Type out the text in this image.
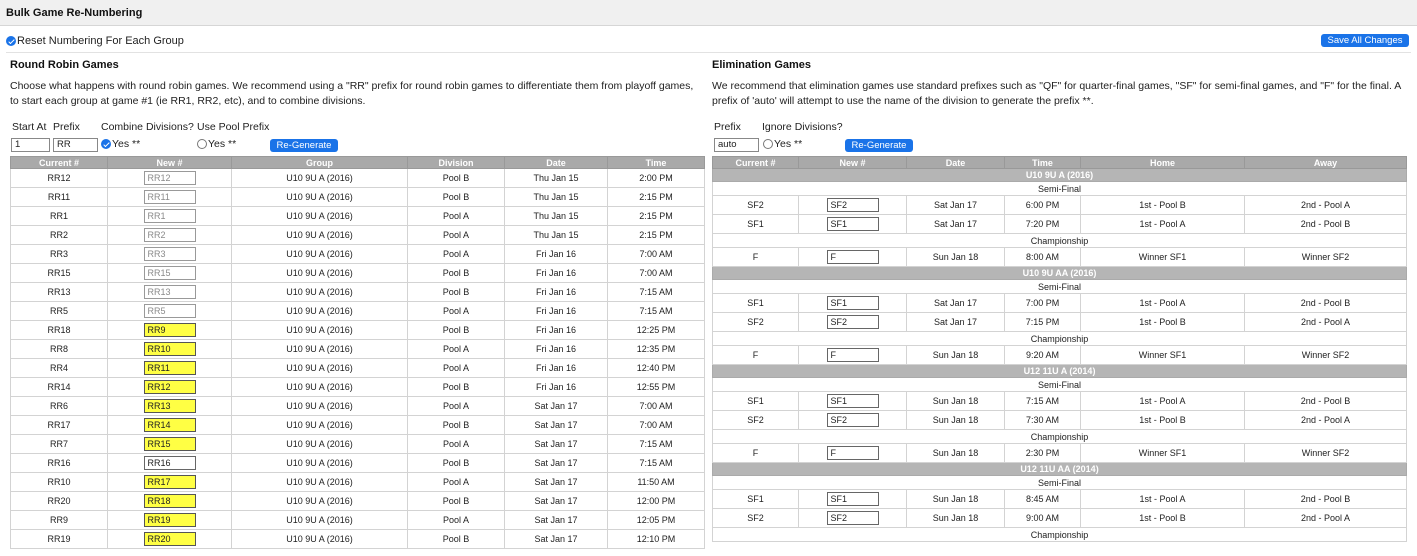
Bulk Game Re-Numbering
Reset Numbering For Each Group	Save All Changes
Round Robin Games
Choose what happens with round robin games. We recommend using a "RR" prefix for round robin games to differentiate them from playoff games,
to start each group at game #1 (ie RR1, RR2, etc), and to combine divisions.
Start At Prefix Combine Divisions? Use Pool Prefix
1	RR	Yes **	Yes **	Re-Generate
Current #	New #	Group	Division	Date	Time
RR12	RR12	U10 9U A (2016)	Pool B	Thu Jan 15	2:00 PM
RR11	RR11	U10 9U A (2016)	Pool B	Thu Jan 15	2:15 PM
RR1	RR1	U10 9U A (2016)	Pool A	Thu Jan 15	2:15 PM
RR2	RR2	U10 9U A (2016)	Pool A	Thu Jan 15	2:15 PM
RR3	RR3	U10 9U A (2016)	Pool A	Fri Jan 16	7:00 AM
RR15	RR15	U10 9U A (2016)	Pool B	Fri Jan 16	7:00 AM
RR13	RR13	U10 9U A (2016)	Pool B	Fri Jan 16	7:15 AM
RR5	RR5	U10 9U A (2016)	Pool A	Fri Jan 16	7:15 AM
RR18	RR9	U10 9U A (2016)	Pool B	Fri Jan 16	12:25 PM
RR8	RR10	U10 9U A (2016)	Pool A	Fri Jan 16	12:35 PM
RR4	RR11	U10 9U A (2016)	Pool A	Fri Jan 16	12:40 PM
RR14	RR12	U10 9U A (2016)	Pool B	Fri Jan 16	12:55 PM
RR6	RR13	U10 9U A (2016)	Pool A	Sat Jan 17	7:00 AM
RR17	RR14	U10 9U A (2016)	Pool B	Sat Jan 17	7:00 AM
RR7	RR15	U10 9U A (2016)	Pool A	Sat Jan 17	7:15 AM
RR16	RR16	U10 9U A (2016)	Pool B	Sat Jan 17	7:15 AM
RR10	RR17	U10 9U A (2016)	Pool A	Sat Jan 17	11:50 AM
RR20	RR18	U10 9U A (2016)	Pool B	Sat Jan 17	12:00 PM
RR9	RR19	U10 9U A (2016)	Pool A	Sat Jan 17	12:05 PM
RR19	RR20	U10 9U A (2016)	Pool B	Sat Jan 17	12:10 PM
Elimination Games
We recommend that elimination games use standard prefixes such as "QF" for quarter-final games, "SF" for semi-final games, and "F" for the final. A
prefix of 'auto' will attempt to use the name of the division to generate the prefix **.
Prefix Ignore Divisions?
auto	Yes **	Re-Generate
Current #	New #	Date	Time	Home	Away
U10 9U A (2016)					
Semi-Final					
SF2	SF2	Sat Jan 17	6:00 PM	1st - Pool B	2nd - Pool A
SF1	SF1	Sat Jan 17	7:20 PM	1st - Pool A	2nd - Pool B
Championship					
F	F	Sun Jan 18	8:00 AM	Winner SF1	Winner SF2
U10 9U AA (2016)					
Semi-Final					
SF1	SF1	Sat Jan 17	7:00 PM	1st - Pool A	2nd - Pool B
SF2	SF2	Sat Jan 17	7:15 PM	1st - Pool B	2nd - Pool A
Championship					
F	F	Sun Jan 18	9:20 AM	Winner SF1	Winner SF2
U12 11U A (2014)					
Semi-Final					
SF1	SF1	Sun Jan 18	7:15 AM	1st - Pool A	2nd - Pool B
SF2	SF2	Sun Jan 18	7:30 AM	1st - Pool B	2nd - Pool A
Championship					
F	F	Sun Jan 18	2:30 PM	Winner SF1	Winner SF2
U12 11U AA (2014)					
Semi-Final					
SF1	SF1	Sun Jan 18	8:45 AM	1st - Pool A	2nd - Pool B
SF2	SF2	Sun Jan 18	9:00 AM	1st - Pool B	2nd - Pool A
Championship					
